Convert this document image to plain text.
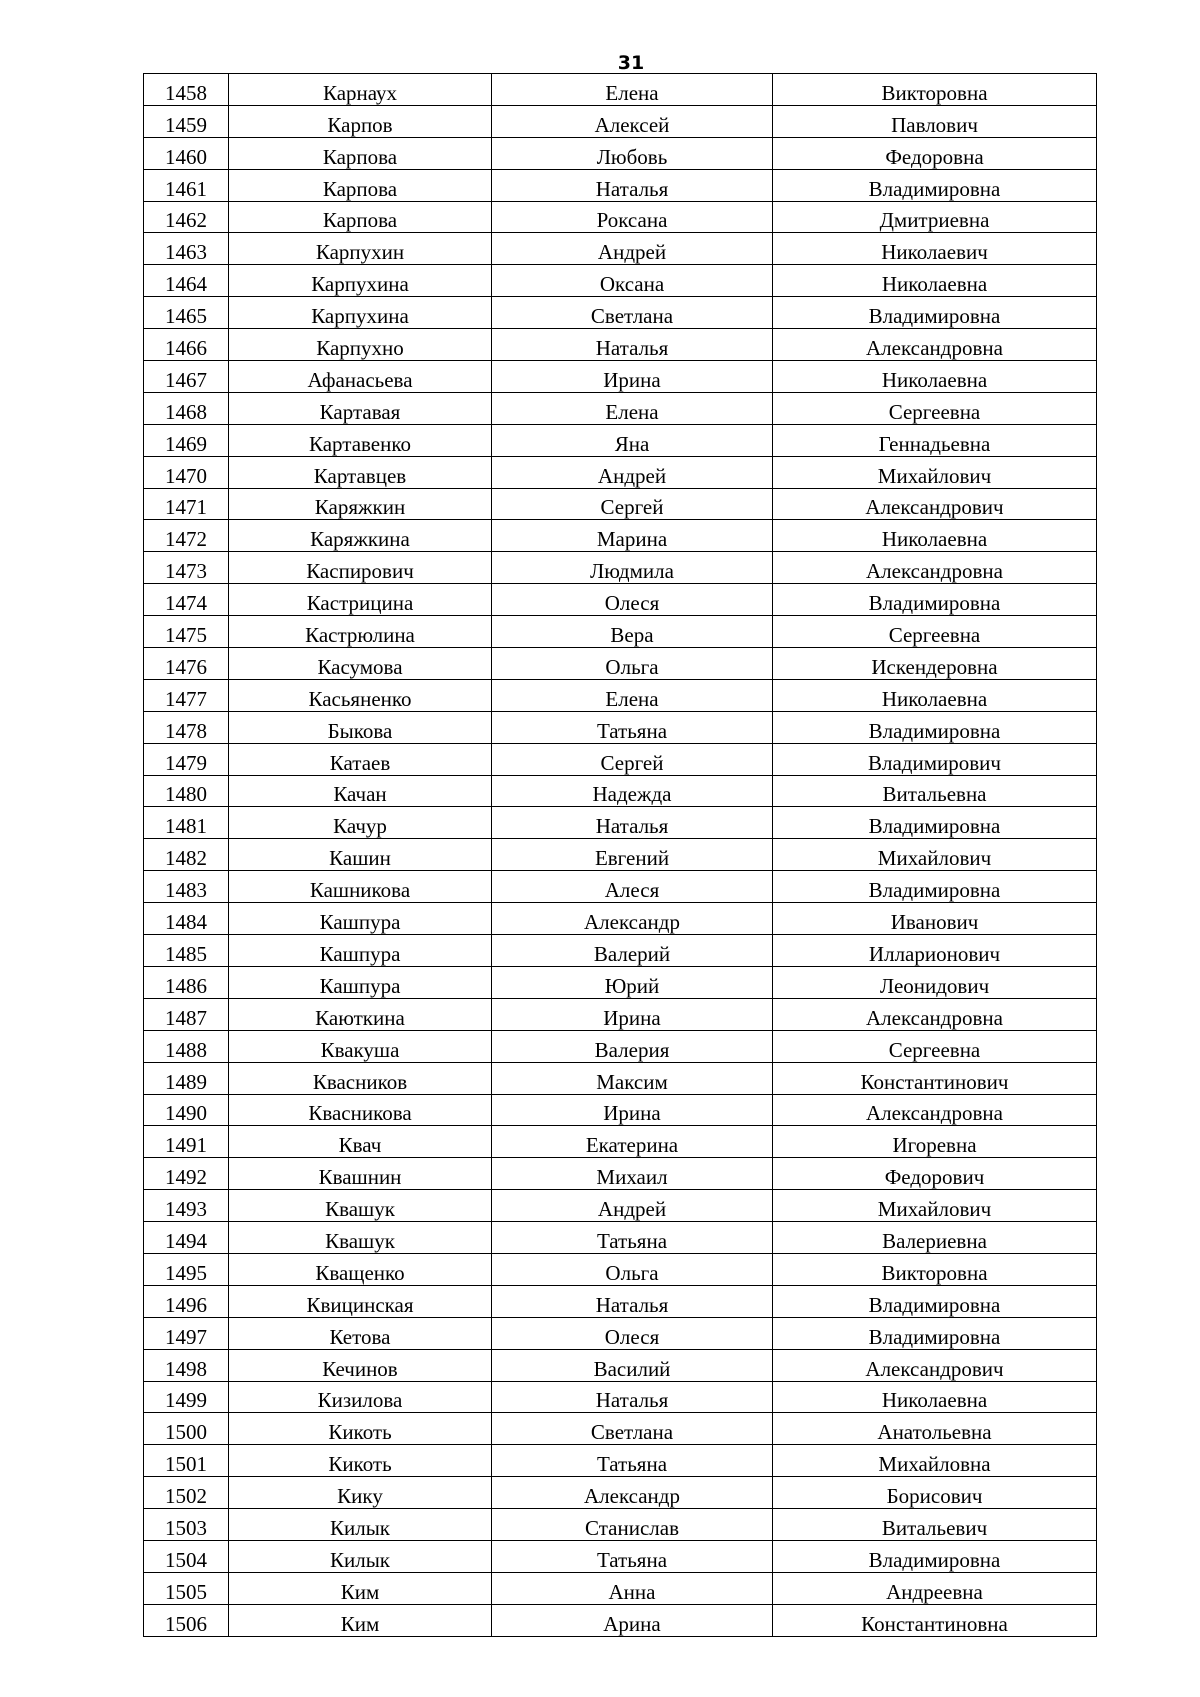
31
1458	Карнаух	Елена	Викторовна
1459	Карпов	Алексей	Павлович
1460	Карпова	Любовь	Федоровна
1461	Карпова	Наталья	Владимировна
1462	Карпова	Роксана	Дмитриевна
1463	Карпухин	Андрей	Николаевич
1464	Карпухина	Оксана	Николаевна
1465	Карпухина	Светлана	Владимировна
1466	Карпухно	Наталья	Александровна
1467	Афанасьева	Ирина	Николаевна
1468	Картавая	Елена	Сергеевна
1469	Картавенко	Яна	Геннадьевна
1470	Картавцев	Андрей	Михайлович
1471	Каряжкин	Сергей	Александрович
1472	Каряжкина	Марина	Николаевна
1473	Каспирович	Людмила	Александровна
1474	Кастрицина	Олеся	Владимировна
1475	Кастрюлина	Вера	Сергеевна
1476	Касумова	Ольга	Искендеровна
1477	Касьяненко	Елена	Николаевна
1478	Быкова	Татьяна	Владимировна
1479	Катаев	Сергей	Владимирович
1480	Качан	Надежда	Витальевна
1481	Качур	Наталья	Владимировна
1482	Кашин	Евгений	Михайлович
1483	Кашникова	Алеся	Владимировна
1484	Кашпура	Александр	Иванович
1485	Кашпура	Валерий	Илларионович
1486	Кашпура	Юрий	Леонидович
1487	Каюткина	Ирина	Александровна
1488	Квакуша	Валерия	Сергеевна
1489	Квасников	Максим	Константинович
1490	Квасникова	Ирина	Александровна
1491	Квач	Екатерина	Игоревна
1492	Квашнин	Михаил	Федорович
1493	Квашук	Андрей	Михайлович
1494	Квашук	Татьяна	Валериевна
1495	Кващенко	Ольга	Викторовна
1496	Квицинская	Наталья	Владимировна
1497	Кетова	Олеся	Владимировна
1498	Кечинов	Василий	Александрович
1499	Кизилова	Наталья	Николаевна
1500	Кикоть	Светлана	Анатольевна
1501	Кикоть	Татьяна	Михайловна
1502	Кику	Александр	Борисович
1503	Килык	Станислав	Витальевич
1504	Килык	Татьяна	Владимировна
1505	Ким	Анна	Андреевна
1506	Ким	Арина	Константиновна
